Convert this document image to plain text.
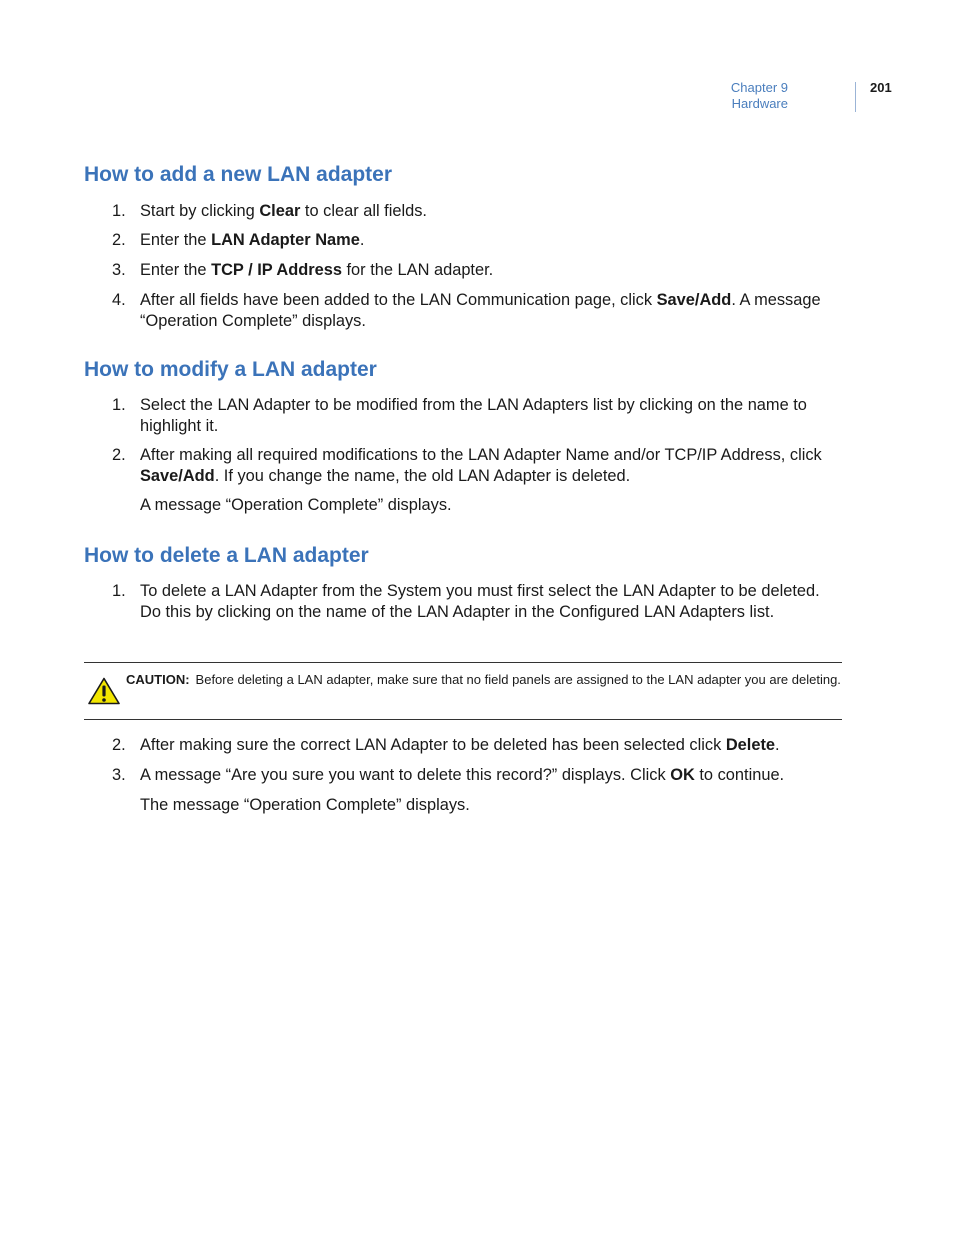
Chapter 9
Hardware
201
How to add a new LAN adapter
1. Start by clicking Clear to clear all fields.
2. Enter the LAN Adapter Name.
3. Enter the TCP / IP Address for the LAN adapter.
4. After all fields have been added to the LAN Communication page, click Save/Add. A message “Operation Complete” displays.
How to modify a LAN adapter
1. Select the LAN Adapter to be modified from the LAN Adapters list by clicking on the name to highlight it.
2. After making all required modifications to the LAN Adapter Name and/or TCP/IP Address, click Save/Add. If you change the name, the old LAN Adapter is deleted.
A message “Operation Complete” displays.
How to delete a LAN adapter
1. To delete a LAN Adapter from the System you must first select the LAN Adapter to be deleted. Do this by clicking on the name of the LAN Adapter in the Configured LAN Adapters list.
CAUTION: Before deleting a LAN adapter, make sure that no field panels are assigned to the LAN adapter you are deleting.
2. After making sure the correct LAN Adapter to be deleted has been selected click Delete.
3. A message “Are you sure you want to delete this record?” displays. Click OK to continue.
The message “Operation Complete” displays.
